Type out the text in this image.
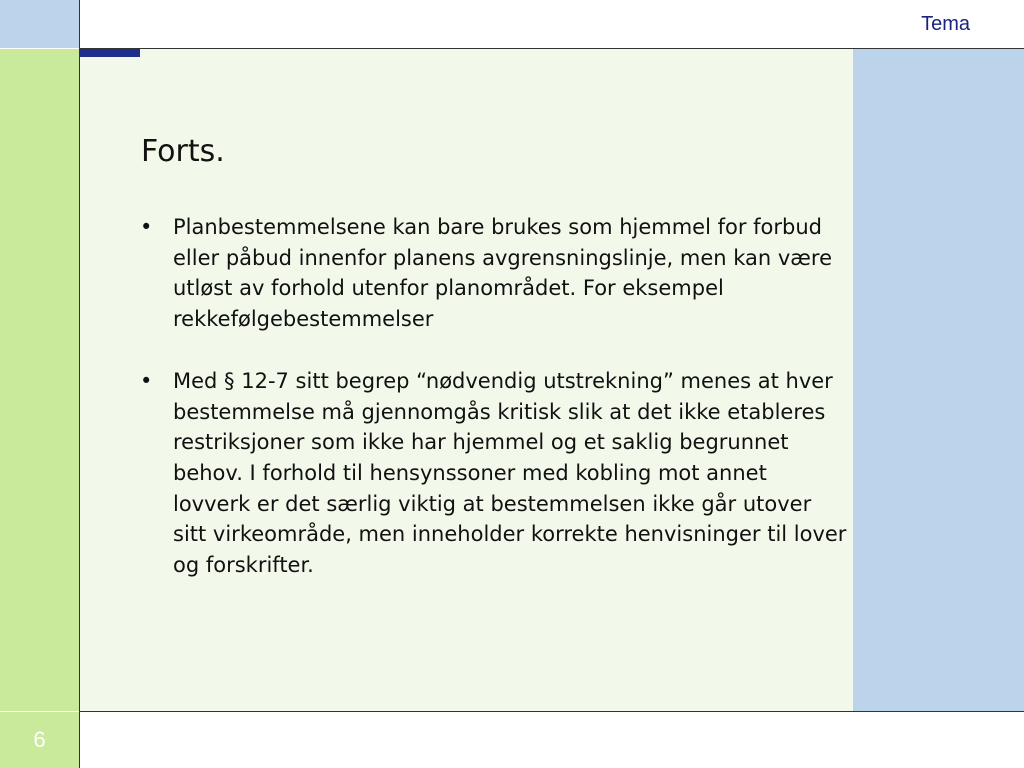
Tema
6
Forts.
• Planbestemmelsene kan bare brukes som hjemmel for forbud eller påbud innenfor planens avgrensningslinje, men kan være utløst av forhold utenfor planområdet. For eksempel rekkefølgebestemmelser
• Med § 12-7 sitt begrep “nødvendig utstrekning” menes at hver bestemmelse må gjennomgås kritisk slik at det ikke etableres restriksjoner som ikke har hjemmel og et saklig begrunnet behov. I forhold til hensynssoner med kobling mot annet lovverk er det særlig viktig at bestemmelsen ikke går utover sitt virkeområde, men inneholder korrekte henvisninger til lover og forskrifter.
